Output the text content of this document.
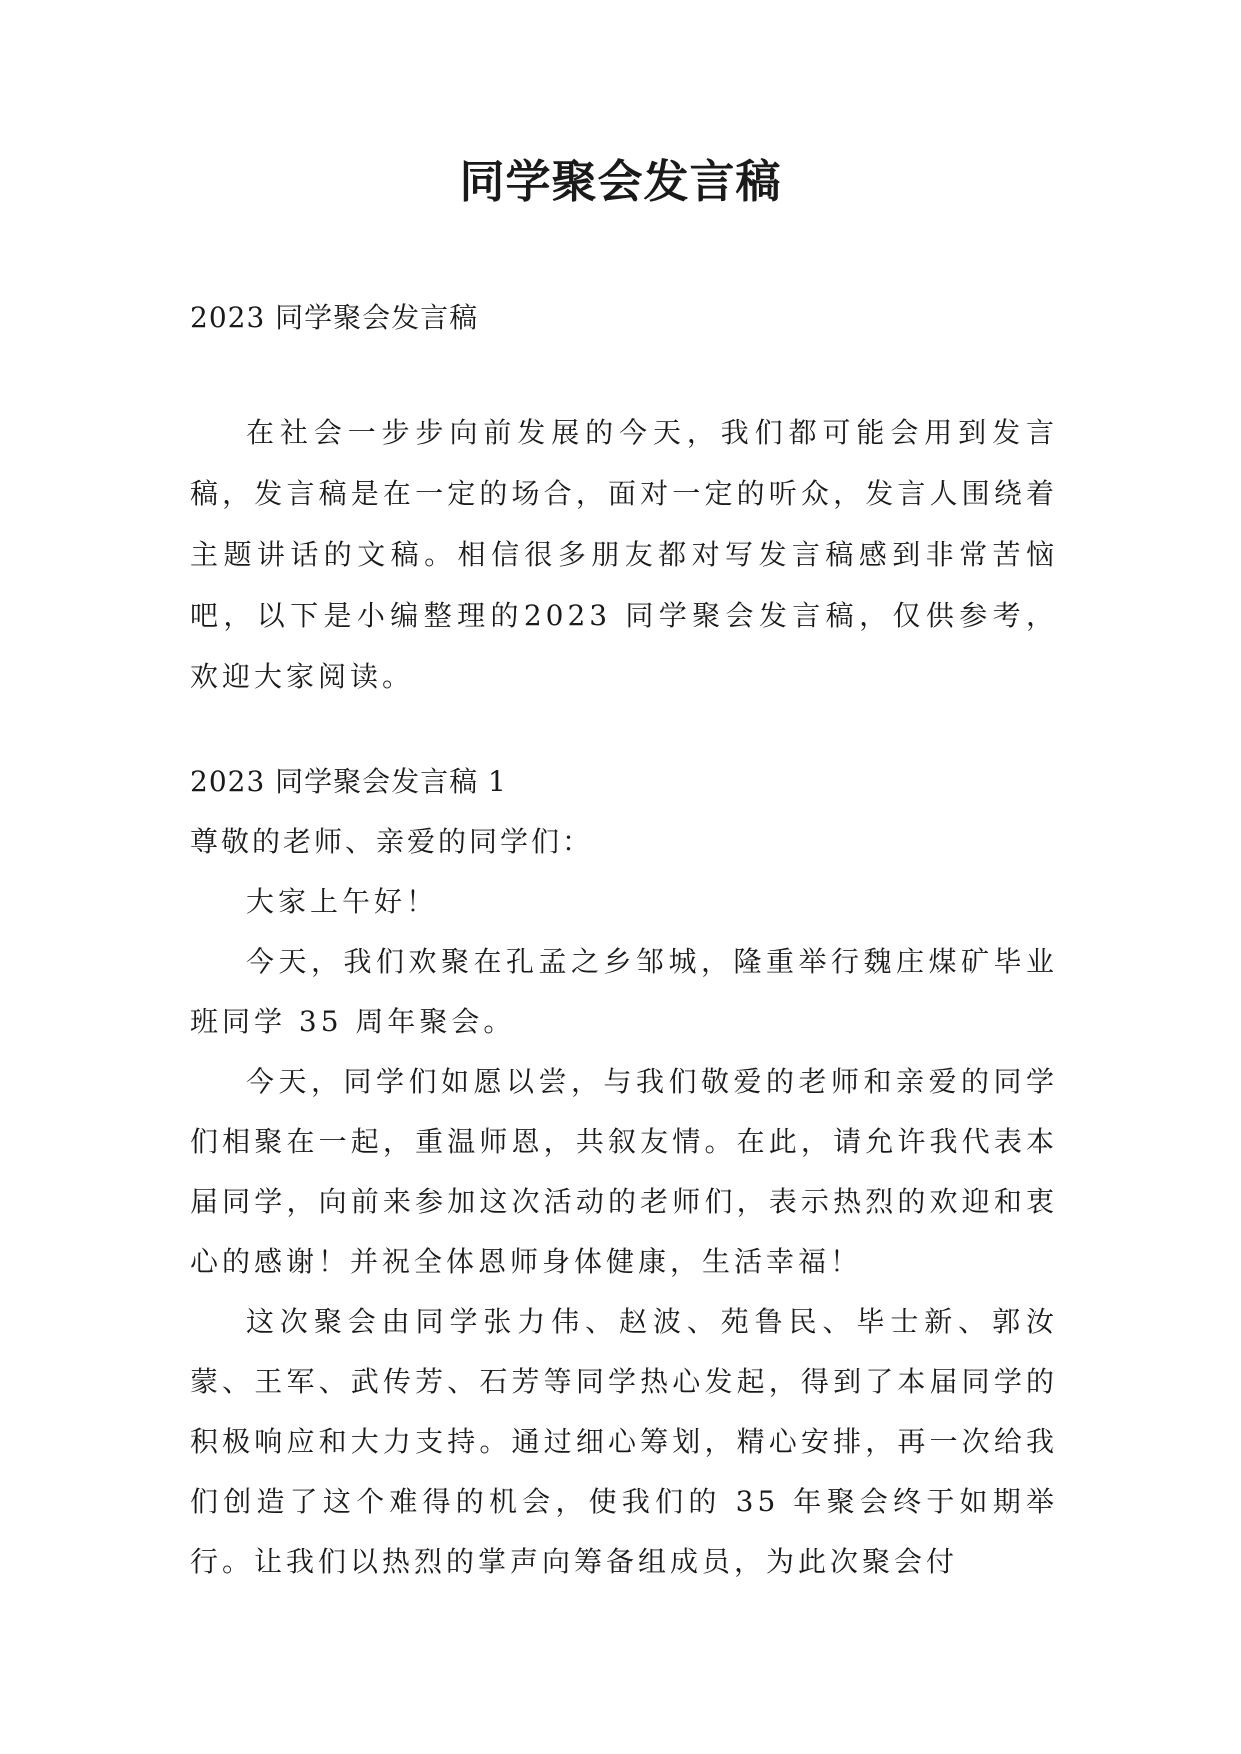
同学聚会发言稿

2023 同学聚会发言稿

在社会一步步向前发展的今天，我们都可能会用到发言稿，发言稿是在一定的场合，面对一定的听众，发言人围绕着主题讲话的文稿。相信很多朋友都对写发言稿感到非常苦恼吧，以下是小编整理的2023 同学聚会发言稿，仅供参考，欢迎大家阅读。

2023 同学聚会发言稿 1

尊敬的老师、亲爱的同学们：

大家上午好！

今天，我们欢聚在孔孟之乡邹城，隆重举行魏庄煤矿毕业班同学 35 周年聚会。

今天，同学们如愿以尝，与我们敬爱的老师和亲爱的同学们相聚在一起，重温师恩，共叙友情。在此，请允许我代表本届同学，向前来参加这次活动的老师们，表示热烈的欢迎和衷心的感谢！并祝全体恩师身体健康，生活幸福！

这次聚会由同学张力伟、赵波、苑鲁民、毕士新、郭汝蒙、王军、武传芳、石芳等同学热心发起，得到了本届同学的积极响应和大力支持。通过细心筹划，精心安排，再一次给我们创造了这个难得的机会，使我们的 35 年聚会终于如期举行。让我们以热烈的掌声向筹备组成员，为此次聚会付
